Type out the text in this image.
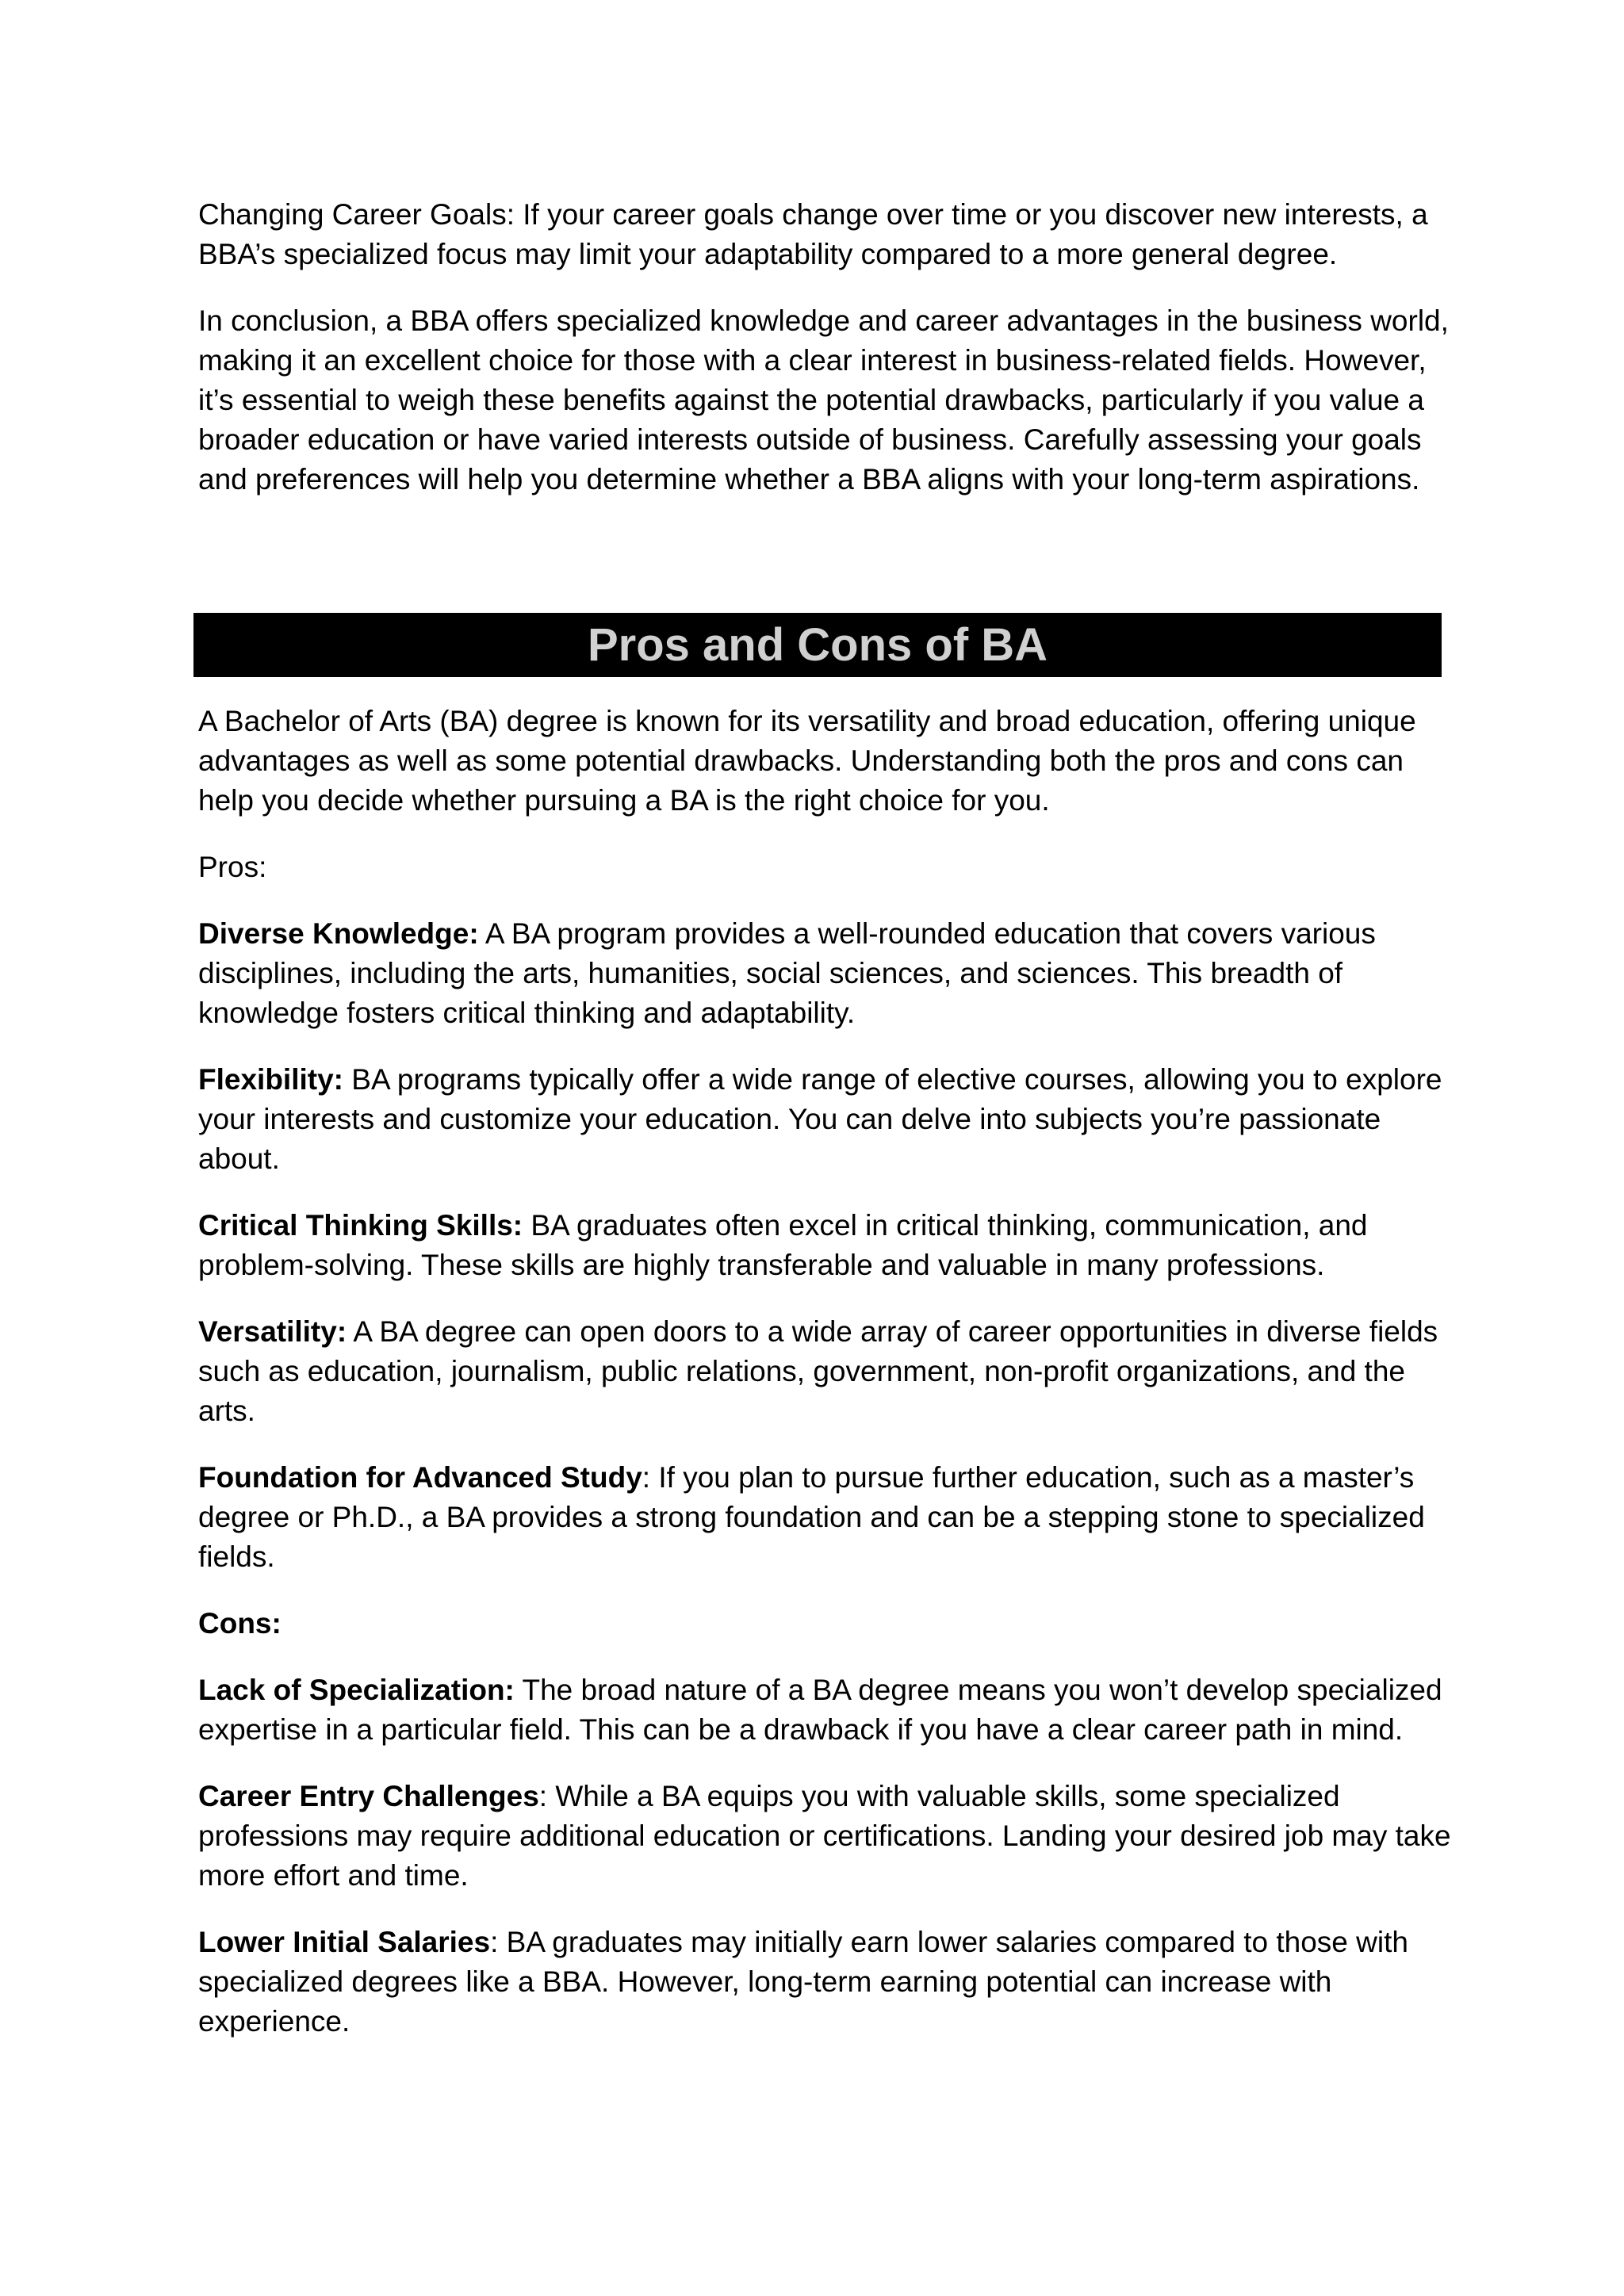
Changing Career Goals: If your career goals change over time or you discover new interests, a BBA’s specialized focus may limit your adaptability compared to a more general degree.

In conclusion, a BBA offers specialized knowledge and career advantages in the business world, making it an excellent choice for those with a clear interest in business-related fields. However, it’s essential to weigh these benefits against the potential drawbacks, particularly if you value a broader education or have varied interests outside of business. Carefully assessing your goals and preferences will help you determine whether a BBA aligns with your long-term aspirations.

Pros and Cons of BA

A Bachelor of Arts (BA) degree is known for its versatility and broad education, offering unique advantages as well as some potential drawbacks. Understanding both the pros and cons can help you decide whether pursuing a BA is the right choice for you.

Pros:

Diverse Knowledge: A BA program provides a well-rounded education that covers various disciplines, including the arts, humanities, social sciences, and sciences. This breadth of knowledge fosters critical thinking and adaptability.

Flexibility: BA programs typically offer a wide range of elective courses, allowing you to explore your interests and customize your education. You can delve into subjects you’re passionate about.

Critical Thinking Skills: BA graduates often excel in critical thinking, communication, and problem-solving. These skills are highly transferable and valuable in many professions.

Versatility: A BA degree can open doors to a wide array of career opportunities in diverse fields such as education, journalism, public relations, government, non-profit organizations, and the arts.

Foundation for Advanced Study: If you plan to pursue further education, such as a master’s degree or Ph.D., a BA provides a strong foundation and can be a stepping stone to specialized fields.

Cons:

Lack of Specialization: The broad nature of a BA degree means you won’t develop specialized expertise in a particular field. This can be a drawback if you have a clear career path in mind.

Career Entry Challenges: While a BA equips you with valuable skills, some specialized professions may require additional education or certifications. Landing your desired job may take more effort and time.

Lower Initial Salaries: BA graduates may initially earn lower salaries compared to those with specialized degrees like a BBA. However, long-term earning potential can increase with experience.
